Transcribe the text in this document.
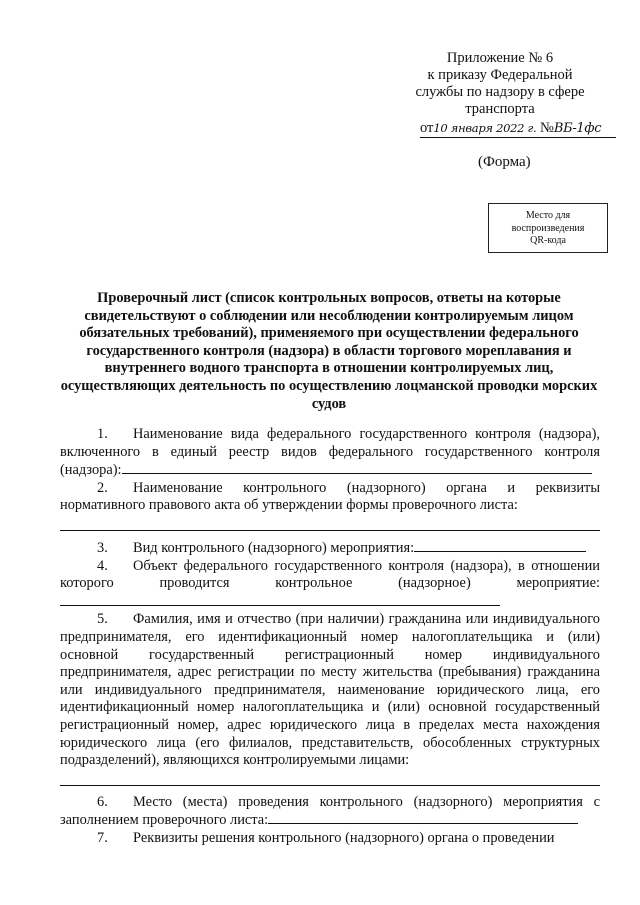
Приложение № 6
к приказу Федеральной
службы по надзору в сфере
транспорта
от10 января 2022 г. №ВБ-1фс
(Форма)
Место для
воспроизведения
QR-кода
Проверочный лист (список контрольных вопросов, ответы на которые свидетельствуют о соблюдении или несоблюдении контролируемым лицом обязательных требований), применяемого при осуществлении федерального государственного контроля (надзора) в области торгового мореплавания и внутреннего водного транспорта в отношении контролируемых лиц, осуществляющих деятельность по осуществлению лоцманской проводки морских судов
1. Наименование вида федерального государственного контроля (надзора), включенного в единый реестр видов федерального государственного контроля (надзора):
2. Наименование контрольного (надзорного) органа и реквизиты нормативного правового акта об утверждении формы проверочного листа:
3. Вид контрольного (надзорного) мероприятия:
4. Объект федерального государственного контроля (надзора), в отношении которого проводится контрольное (надзорное) мероприятие:
5. Фамилия, имя и отчество (при наличии) гражданина или индивидуального предпринимателя, его идентификационный номер налогоплательщика и (или) основной государственный регистрационный номер индивидуального предпринимателя, адрес регистрации по месту жительства (пребывания) гражданина или индивидуального предпринимателя, наименование юридического лица, его идентификационный номер налогоплательщика и (или) основной государственный регистрационный номер, адрес юридического лица в пределах места нахождения юридического лица (его филиалов, представительств, обособленных структурных подразделений), являющихся контролируемыми лицами:
6. Место (места) проведения контрольного (надзорного) мероприятия с заполнением проверочного листа:
7. Реквизиты решения контрольного (надзорного) органа о проведении
